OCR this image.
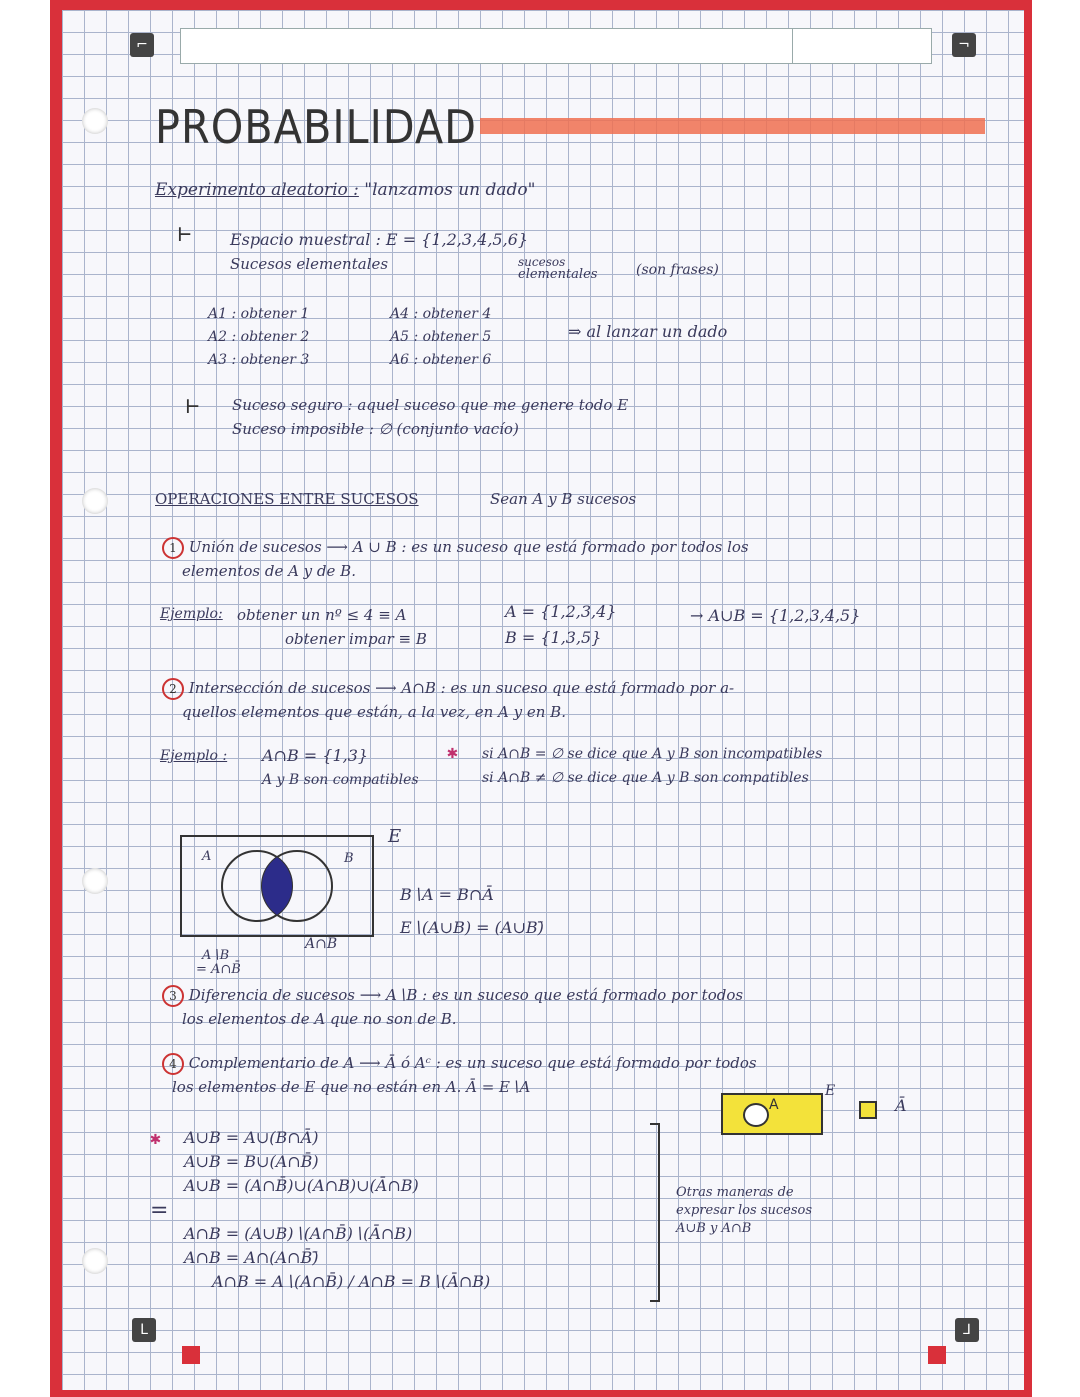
⌐	¬
L	⅃
PROBABILIDAD
Experimento aleatorio : "lanzamos un dado"
⊢ Espacio muestral : E = {1,2,3,4,5,6}
Sucesos elementales	sucesos
elementales	(son frases)
A1 : obtener 1
A2 : obtener 2
A3 : obtener 3
A4 : obtener 4
A5 : obtener 5
A6 : obtener 6
⇒ al lanzar un dado
⊢ Suceso seguro : aquel suceso que me genere todo E
Suceso imposible : ∅ (conjunto vacío)
OPERACIONES ENTRE SUCESOS	Sean A y B sucesos
1 Unión de sucesos ⟶ A ∪ B : es un suceso que está formado por todos los
elementos de A y de B.
Ejemplo: obtener un nº ≤ 4 ≡ A
obtener impar ≡ B
A = {1,2,3,4}
B = {1,3,5}
→ A∪B = {1,2,3,4,5}
2 Intersección de sucesos ⟶ A∩B : es un suceso que está formado por a-
quellos elementos que están, a la vez, en A y en B.
Ejemplo : A∩B = {1,3}
A y B son compatibles
✱ si A∩B = ∅ se dice que A y B son incompatibles
si A∩B ≠ ∅ se dice que A y B son compatibles
A	B
E
B∖A = B∩Ā
E∖(A∪B) = (A∪B)̄
A∖B
= A∩B̄
A∩B
3 Diferencia de sucesos ⟶ A∖B : es un suceso que está formado por todos
los elementos de A que no son de B.
4 Complementario de A ⟶ Ā ó Aᶜ : es un suceso que está formado por todos
los elementos de E que no están en A. Ā = E∖A
A
E
Ā
✱
=
A∪B = A∪(B∩Ā)
A∪B = B∪(A∩B̄)
A∪B = (A∩B̄)∪(A∩B)∪(Ā∩B)
A∩B = (A∪B)∖(A∩B̄)∖(Ā∩B)
A∩B = A∩(A∩B̄)̄
A∩B = A∖(A∩B̄) / A∩B = B∖(Ā∩B)
Otras maneras de
expresar los sucesos
A∪B y A∩B
